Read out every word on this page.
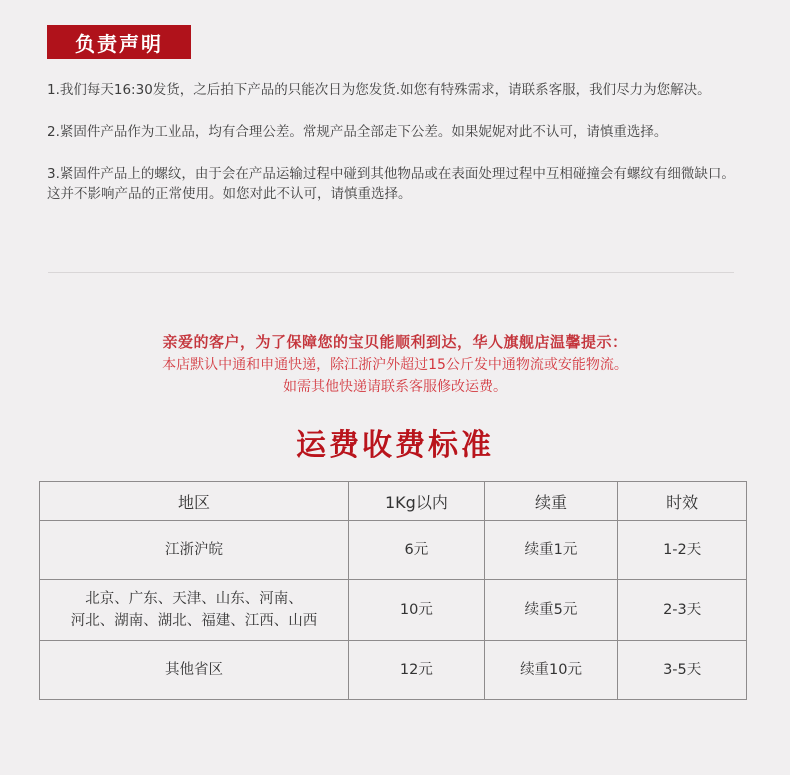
负责声明

1.我们每天16:30发货，之后拍下产品的只能次日为您发货.如您有特殊需求，请联系客服，我们尽力为您解决。

2.紧固件产品作为工业品，均有合理公差。常规产品全部走下公差。如果妮妮对此不认可，请慎重选择。

3.紧固件产品上的螺纹，由于会在产品运输过程中碰到其他物品或在表面处理过程中互相碰撞会有螺纹有细微缺口。这并不影响产品的正常使用。如您对此不认可，请慎重选择。

亲爱的客户，为了保障您的宝贝能顺利到达，华人旗舰店温馨提示：
本店默认中通和申通快递，除江浙沪外超过15公斤发中通物流或安能物流。
如需其他快递请联系客服修改运费。
运费收费标准
地区	1Kg以内	续重	时效
江浙沪皖	6元	续重1元	1-2天

北京、广东、天津、山东、河南、
河北、湖南、湖北、福建、江西、山西	10元	续重5元	2-3天
其他省区	12元	续重10元	3-5天
